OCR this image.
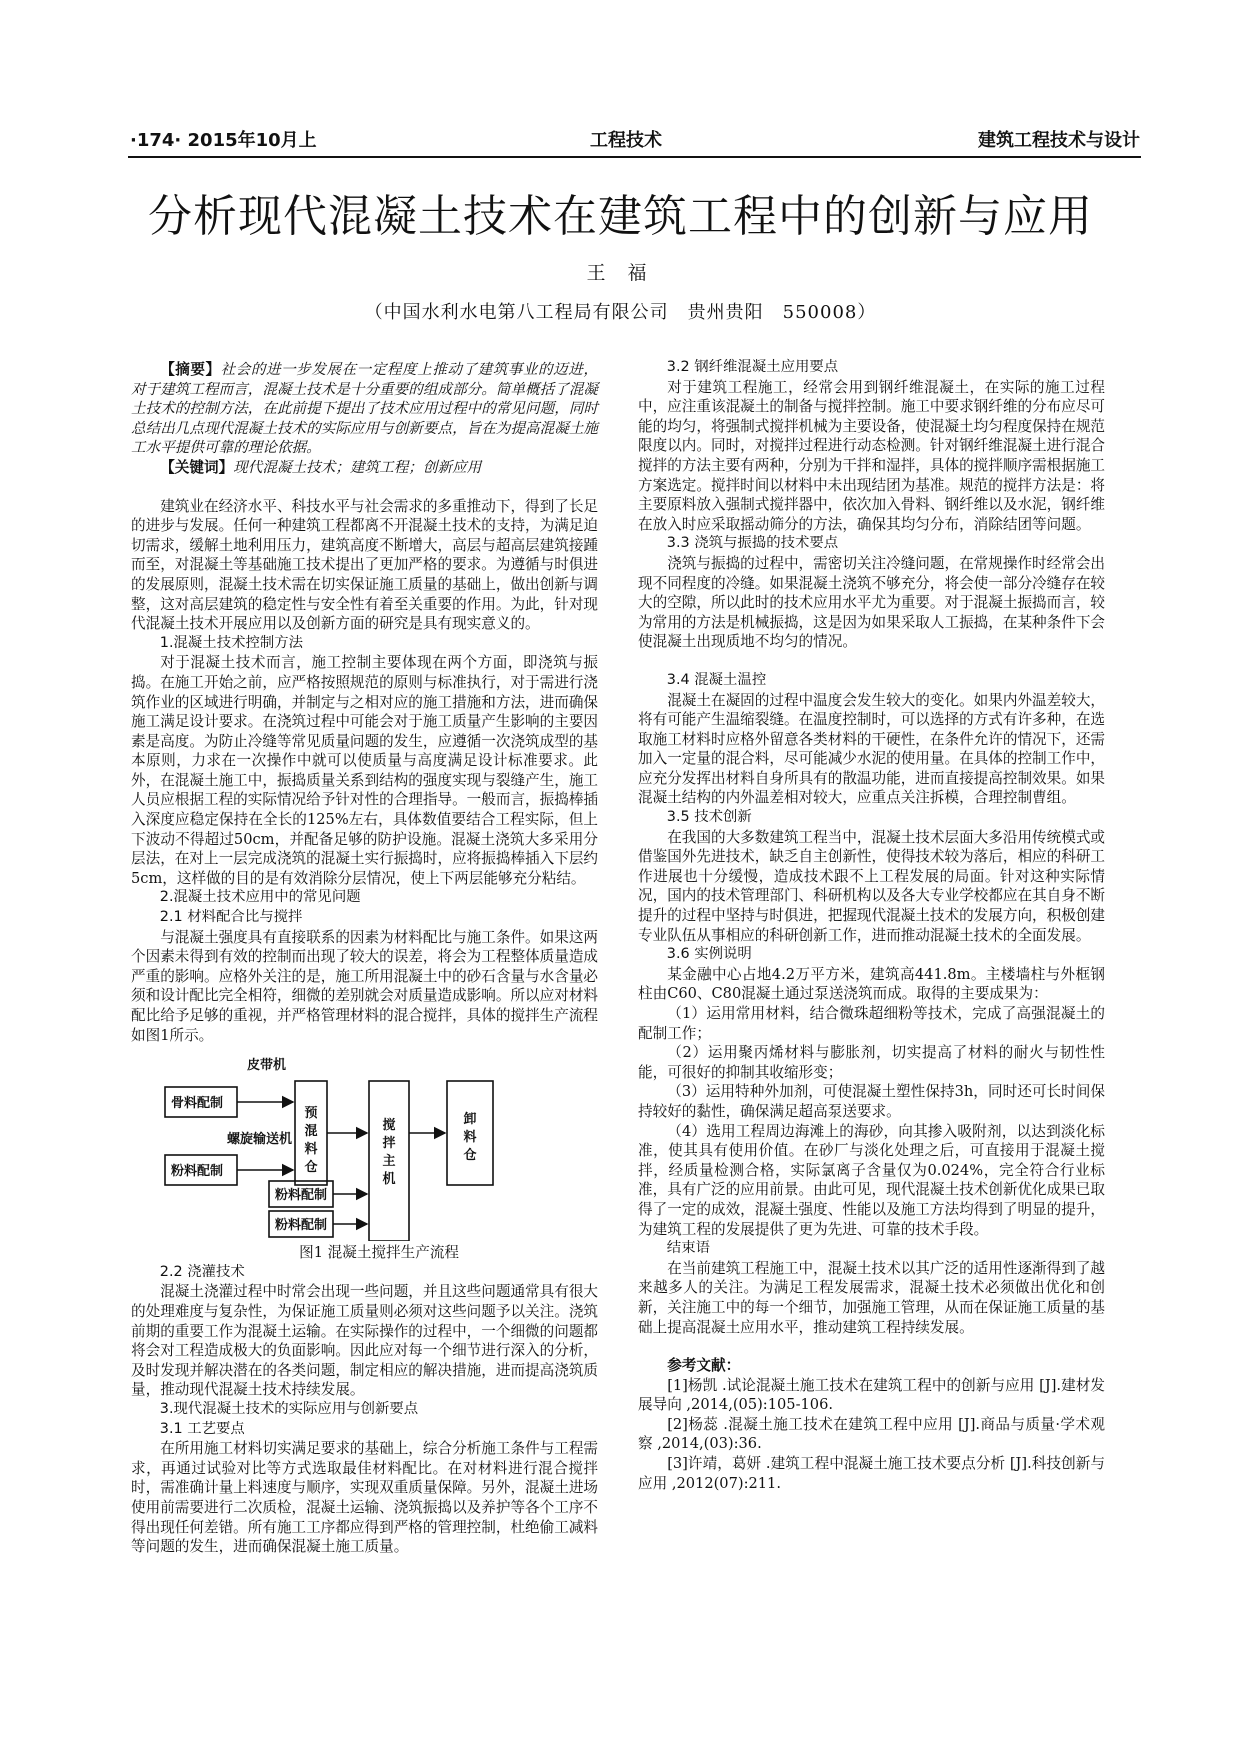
·174· 2015年10月上	工程技术	建筑工程技术与设计
分析现代混凝土技术在建筑工程中的创新与应用
王 福
（中国水利水电第八工程局有限公司　贵州贵阳　550008）

【摘要】社会的进一步发展在一定程度上推动了建筑事业的迈进，对于建筑工程而言，混凝土技术是十分重要的组成部分。简单概括了混凝土技术的控制方法，在此前提下提出了技术应用过程中的常见问题，同时总结出几点现代混凝土技术的实际应用与创新要点，旨在为提高混凝土施工水平提供可靠的理论依据。

【关键词】现代混凝土技术；建筑工程；创新应用

建筑业在经济水平、科技水平与社会需求的多重推动下，得到了长足的进步与发展。任何一种建筑工程都离不开混凝土技术的支持，为满足迫切需求，缓解土地利用压力，建筑高度不断增大，高层与超高层建筑接踵而至，对混凝土等基础施工技术提出了更加严格的要求。为遵循与时俱进的发展原则，混凝土技术需在切实保证施工质量的基础上，做出创新与调整，这对高层建筑的稳定性与安全性有着至关重要的作用。为此，针对现代混凝土技术开展应用以及创新方面的研究是具有现实意义的。

1.混凝土技术控制方法

对于混凝土技术而言，施工控制主要体现在两个方面，即浇筑与振捣。在施工开始之前，应严格按照规范的原则与标准执行，对于需进行浇筑作业的区域进行明确，并制定与之相对应的施工措施和方法，进而确保施工满足设计要求。在浇筑过程中可能会对于施工质量产生影响的主要因素是高度。为防止冷缝等常见质量问题的发生，应遵循一次浇筑成型的基本原则，力求在一次操作中就可以使质量与高度满足设计标准要求。此外，在混凝土施工中，振捣质量关系到结构的强度实现与裂缝产生，施工人员应根据工程的实际情况给予针对性的合理指导。一般而言，振捣棒插入深度应稳定保持在全长的125%左右，具体数值要结合工程实际，但上下波动不得超过50cm，并配备足够的防护设施。混凝土浇筑大多采用分层法，在对上一层完成浇筑的混凝土实行振捣时，应将振捣棒插入下层约5cm，这样做的目的是有效消除分层情况，使上下两层能够充分粘结。

2.混凝土技术应用中的常见问题

2.1 材料配合比与搅拌

与混凝土强度具有直接联系的因素为材料配比与施工条件。如果这两个因素未得到有效的控制而出现了较大的误差，将会为工程整体质量造成严重的影响。应格外关注的是，施工所用混凝土中的砂石含量与水含量必须和设计配比完全相符，细微的差别就会对质量造成影响。所以应对材料配比给予足够的重视，并严格管理材料的混合搅拌，具体的搅拌生产流程如图1所示。

骨料配制
粉料配制
粉料配制
粉料配制
皮带机
螺旋输送机
预混料仓
搅拌主机
卸料仓

图1 混凝土搅拌生产流程

2.2 浇灌技术

混凝土浇灌过程中时常会出现一些问题，并且这些问题通常具有很大的处理难度与复杂性，为保证施工质量则必须对这些问题予以关注。浇筑前期的重要工作为混凝土运输。在实际操作的过程中，一个细微的问题都将会对工程造成极大的负面影响。因此应对每一个细节进行深入的分析，及时发现并解决潜在的各类问题，制定相应的解决措施，进而提高浇筑质量，推动现代混凝土技术持续发展。

3.现代混凝土技术的实际应用与创新要点

3.1 工艺要点

在所用施工材料切实满足要求的基础上，综合分析施工条件与工程需求，再通过试验对比等方式选取最佳材料配比。在对材料进行混合搅拌时，需准确计量上料速度与顺序，实现双重质量保障。另外，混凝土进场使用前需要进行二次质检，混凝土运输、浇筑振捣以及养护等各个工序不得出现任何差错。所有施工工序都应得到严格的管理控制，杜绝偷工减料等问题的发生，进而确保混凝土施工质量。

3.2 钢纤维混凝土应用要点

对于建筑工程施工，经常会用到钢纤维混凝土，在实际的施工过程中，应注重该混凝土的制备与搅拌控制。施工中要求钢纤维的分布应尽可能的均匀，将强制式搅拌机械为主要设备，使混凝土均匀程度保持在规范限度以内。同时，对搅拌过程进行动态检测。针对钢纤维混凝土进行混合搅拌的方法主要有两种，分别为干拌和湿拌，具体的搅拌顺序需根据施工方案选定。搅拌时间以材料中未出现结团为基准。规范的搅拌方法是：将主要原料放入强制式搅拌器中，依次加入骨料、钢纤维以及水泥，钢纤维在放入时应采取摇动筛分的方法，确保其均匀分布，消除结团等问题。

3.3 浇筑与振捣的技术要点

浇筑与振捣的过程中，需密切关注冷缝问题，在常规操作时经常会出现不同程度的冷缝。如果混凝土浇筑不够充分，将会使一部分冷缝存在较大的空隙，所以此时的技术应用水平尤为重要。对于混凝土振捣而言，较为常用的方法是机械振捣，这是因为如果采取人工振捣，在某种条件下会使混凝土出现质地不均匀的情况。

3.4 混凝土温控

混凝土在凝固的过程中温度会发生较大的变化。如果内外温差较大，将有可能产生温缩裂缝。在温度控制时，可以选择的方式有许多种，在选取施工材料时应格外留意各类材料的干硬性，在条件允许的情况下，还需加入一定量的混合料，尽可能减少水泥的使用量。在具体的控制工作中，应充分发挥出材料自身所具有的散温功能，进而直接提高控制效果。如果混凝土结构的内外温差相对较大，应重点关注拆模，合理控制曹组。

3.5 技术创新

在我国的大多数建筑工程当中，混凝土技术层面大多沿用传统模式或借鉴国外先进技术，缺乏自主创新性，使得技术较为落后，相应的科研工作进展也十分缓慢，造成技术跟不上工程发展的局面。针对这种实际情况，国内的技术管理部门、科研机构以及各大专业学校都应在其自身不断提升的过程中坚持与时俱进，把握现代混凝土技术的发展方向，积极创建专业队伍从事相应的科研创新工作，进而推动混凝土技术的全面发展。

3.6 实例说明

某金融中心占地4.2万平方米，建筑高441.8m。主楼墙柱与外框钢柱由C60、C80混凝土通过泵送浇筑而成。取得的主要成果为：

（1）运用常用材料，结合微珠超细粉等技术，完成了高强混凝土的配制工作；

（2）运用聚丙烯材料与膨胀剂，切实提高了材料的耐火与韧性性能，可很好的抑制其收缩形变；

（3）运用特种外加剂，可使混凝土塑性保持3h，同时还可长时间保持较好的黏性，确保满足超高泵送要求。

（4）选用工程周边海滩上的海砂，向其掺入吸附剂，以达到淡化标准，使其具有使用价值。在砂厂与淡化处理之后，可直接用于混凝土搅拌，经质量检测合格，实际氯离子含量仅为0.024%，完全符合行业标准，具有广泛的应用前景。由此可见，现代混凝土技术创新优化成果已取得了一定的成效，混凝土强度、性能以及施工方法均得到了明显的提升，为建筑工程的发展提供了更为先进、可靠的技术手段。

结束语

在当前建筑工程施工中，混凝土技术以其广泛的适用性逐渐得到了越来越多人的关注。为满足工程发展需求，混凝土技术必须做出优化和创新，关注施工中的每一个细节，加强施工管理，从而在保证施工质量的基础上提高混凝土应用水平，推动建筑工程持续发展。

参考文献：

[1]杨凯 .试论混凝土施工技术在建筑工程中的创新与应用 [J].建材发展导向 ,2014,(05):105-106.

[2]杨蕊 .混凝土施工技术在建筑工程中应用 [J].商品与质量·学术观察 ,2014,(03):36.

[3]许靖，葛妍 .建筑工程中混凝土施工技术要点分析 [J].科技创新与应用 ,2012(07):211.
